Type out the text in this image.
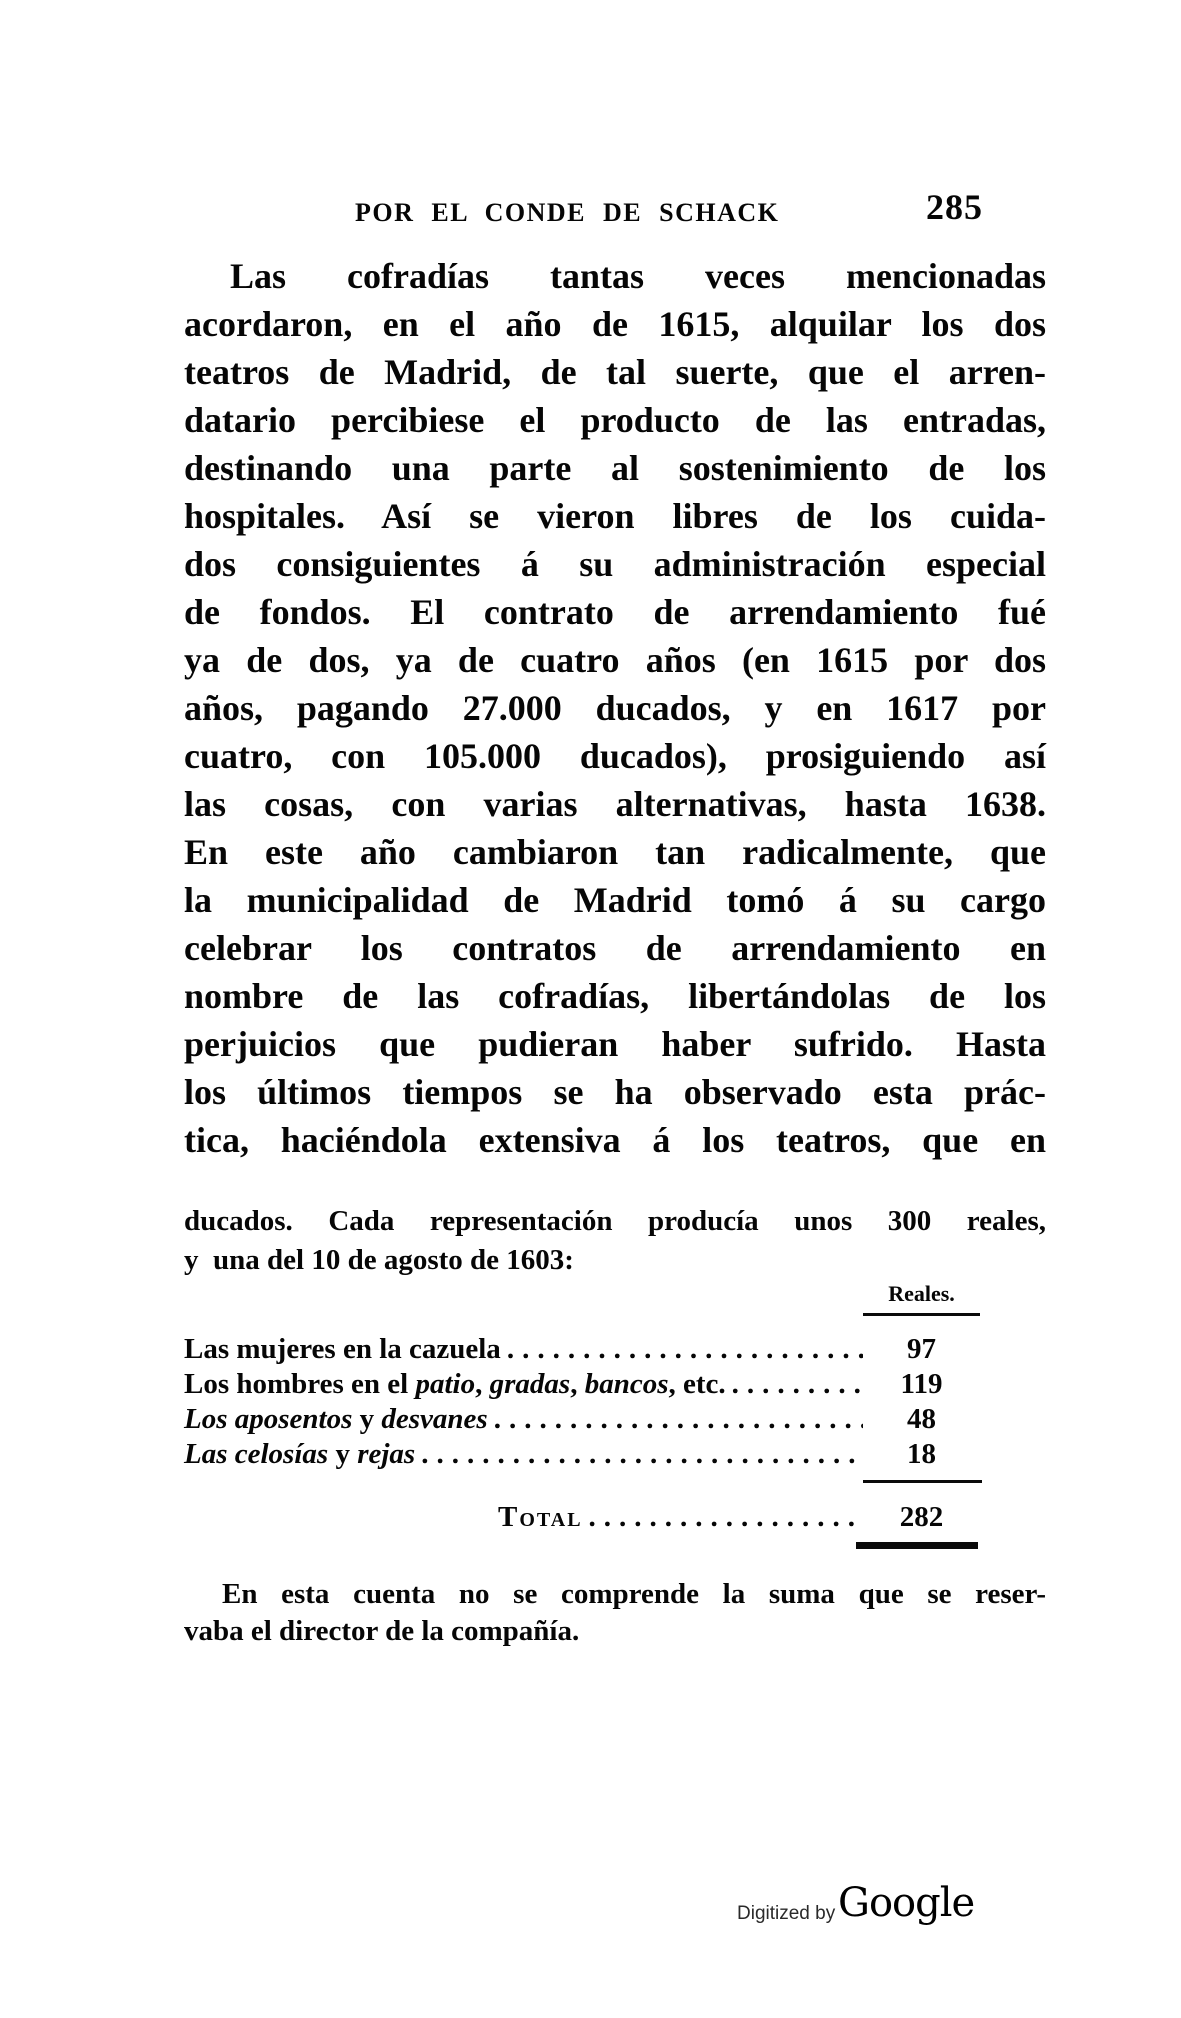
POR EL CONDE DE SCHACK	285
Las cofradías tantas veces mencionadas
acordaron, en el año de 1615, alquilar los dos
teatros de Madrid, de tal suerte, que el arren-
datario percibiese el producto de las entradas,
destinando una parte al sostenimiento de los
hospitales. Así se vieron libres de los cuida-
dos consiguientes á su administración especial
de fondos. El contrato de arrendamiento fué
ya de dos, ya de cuatro años (en 1615 por dos
años, pagando 27.000 ducados, y en 1617 por
cuatro, con 105.000 ducados), prosiguiendo así
las cosas, con varias alternativas, hasta 1638.
En este año cambiaron tan radicalmente, que
la municipalidad de Madrid tomó á su cargo
celebrar los contratos de arrendamiento en
nombre de las cofradías, libertándolas de los
perjuicios que pudieran haber sufrido. Hasta
los últimos tiempos se ha observado esta prác-
tica, haciéndola extensiva á los teatros, que en
ducados. Cada representación producía unos 300 reales,
y  una del 10 de agosto de 1603:
Reales.
Las mujeres en la cazuela .....	97
Los hombres en el patio, gradas, bancos, etc. .....	119
Los aposentos y desvanes .....	48
Las celosías y rejas .....	18
Total .....	282
En esta cuenta no se comprende la suma que se reser-
vaba el director de la compañía.
Digitized by Google
